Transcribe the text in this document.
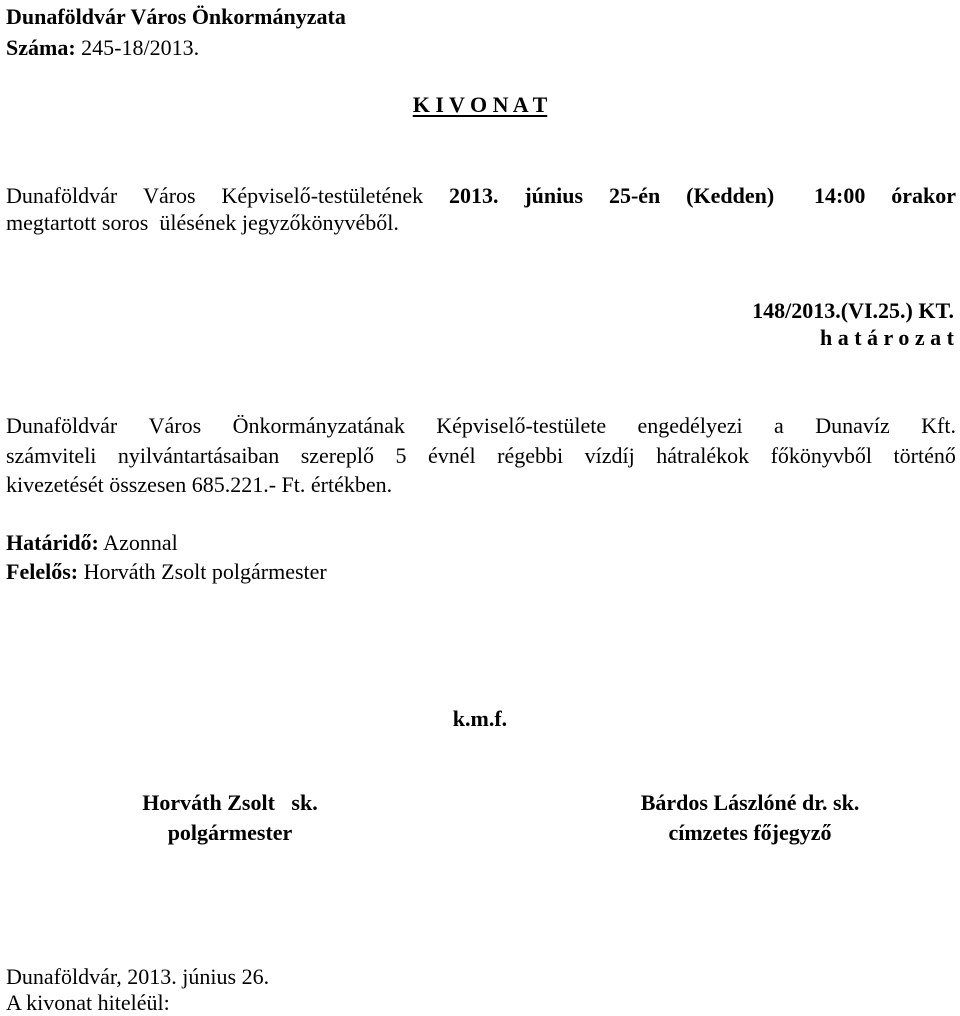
Dunaföldvár Város Önkormányzata
Száma: 245-18/2013.
K I V O N A T
Dunaföldvár Város Képviselő-testületének 2013. június 25-én (Kedden) 14:00 órakor
megtartott soros  ülésének jegyzőkönyvéből.
148/2013.(VI.25.) KT.
h a t á r o z a t
Dunaföldvár Város Önkormányzatának Képviselő-testülete engedélyezi a Dunavíz Kft.
számviteli nyilvántartásaiban szereplő 5 évnél régebbi vízdíj hátralékok főkönyvből történő
kivezetését összesen 685.221.- Ft. értékben.
Határidő: Azonnal
Felelős: Horváth Zsolt polgármester
k.m.f.
Horváth Zsolt   sk.
polgármester
Bárdos Lászlóné dr. sk.
címzetes főjegyző
Dunaföldvár, 2013. június 26.
A kivonat hiteléül:
